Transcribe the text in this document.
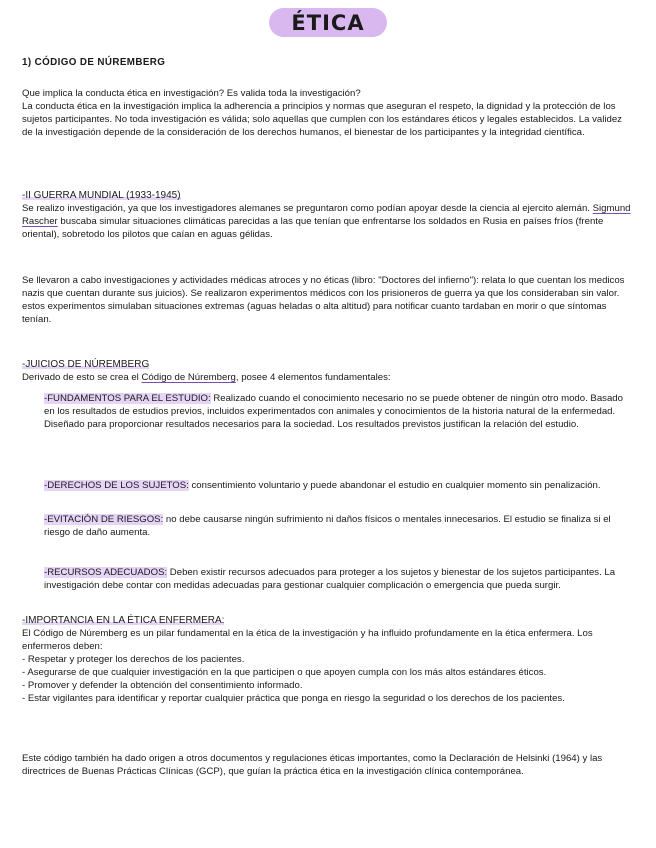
ÉTICA
1) CÓDIGO DE NÚREMBERG

Que implica la conducta ética en investigación? Es valida toda la investigación?

La conducta ética en la investigación implica la adherencia a principios y normas que aseguran el respeto, la dignidad y la protección de los sujetos participantes. No toda investigación es válida; solo aquellas que cumplen con los estándares éticos y legales establecidos. La validez de la investigación depende de la consideración de los derechos humanos, el bienestar de los participantes y la integridad científica.

-II GUERRA MUNDIAL (1933-1945)

Se realizo investigación, ya que los investigadores alemanes se preguntaron como podían apoyar desde la ciencia al ejercito alemán. Sigmund Rascher buscaba simular situaciones climáticas parecidas a las que tenían que enfrentarse los soldados en Rusia en países fríos (frente oriental), sobretodo los pilotos que caían en aguas gélidas.

Se llevaron a cabo investigaciones y actividades médicas atroces y no éticas (libro: "Doctores del infierno"): relata lo que cuentan los medicos nazis que cuentan durante sus juicios). Se realizaron experimentos médicos con los prisioneros de guerra ya que los consideraban sin valor. estos experimentos simulaban situaciones extremas (aguas heladas o alta altitud) para notificar cuanto tardaban en morir o que síntomas tenían.
-JUICIOS DE NÚREMBERG

Derivado de esto se crea el Código de Núremberg, posee 4 elementos fundamentales:

-FUNDAMENTOS PARA EL ESTUDIO: Realizado cuando el conocimiento necesario no se puede obtener de ningún otro modo. Basado en los resultados de estudios previos, incluidos experimentados con animales y conocimientos de la historia natural de la enfermedad. Diseñado para proporcionar resultados necesarios para la sociedad. Los resultados previstos justifican la relación del estudio.
-DERECHOS DE LOS SUJETOS: consentimiento voluntario y puede abandonar el estudio en cualquier momento sin penalización.
-EVITACIÓN DE RIESGOS: no debe causarse ningún sufrimiento ni daños físicos o mentales innecesarios. El estudio se finaliza si el riesgo de daño aumenta.
-RECURSOS ADECUADOS: Deben existir recursos adecuados para proteger a los sujetos y bienestar de los sujetos participantes. La investigación debe contar con medidas adecuadas para gestionar cualquier complicación o emergencia que pueda surgir.
-IMPORTANCIA EN LA ÉTICA ENFERMERA:

El Código de Núremberg es un pilar fundamental en la ética de la investigación y ha influido profundamente en la ética enfermera. Los enfermeros deben:

- Respetar y proteger los derechos de los pacientes.

- Asegurarse de que cualquier investigación en la que participen o que apoyen cumpla con los más altos estándares éticos.

- Promover y defender la obtención del consentimiento informado.

- Estar vigilantes para identificar y reportar cualquier práctica que ponga en riesgo la seguridad o los derechos de los pacientes.

Este código también ha dado origen a otros documentos y regulaciones éticas importantes, como la Declaración de Helsinki (1964) y las directrices de Buenas Prácticas Clínicas (GCP), que guían la práctica ética en la investigación clínica contemporánea.
